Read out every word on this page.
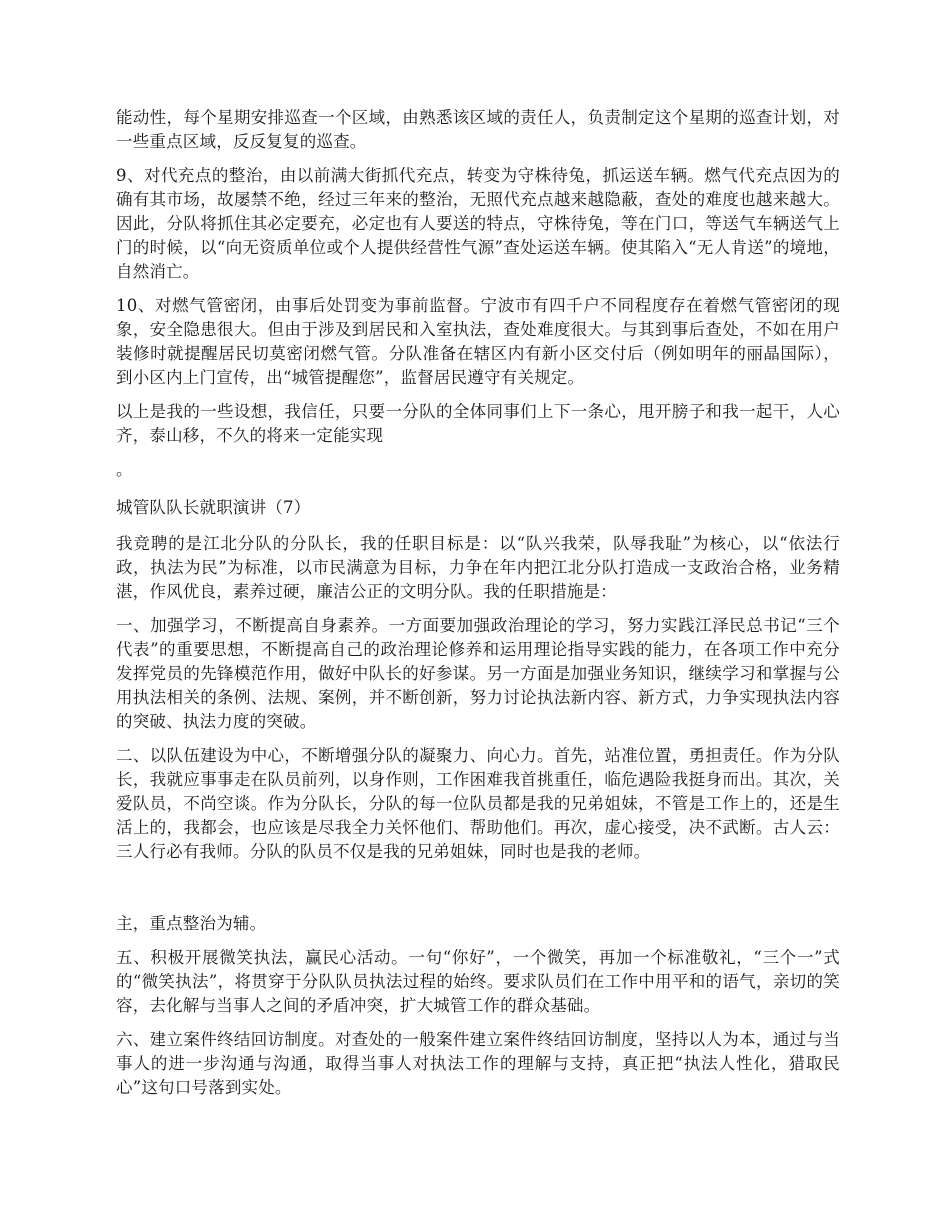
能动性，每个星期安排巡查一个区域，由熟悉该区域的责任人，负责制定这个星期的巡查计划，对一些重点区域，反反复复的巡查。

9、对代充点的整治，由以前满大街抓代充点，转变为守株待兔，抓运送车辆。燃气代充点因为的确有其市场，故屡禁不绝，经过三年来的整治，无照代充点越来越隐蔽，查处的难度也越来越大。因此，分队将抓住其必定要充，必定也有人要送的特点，守株待兔，等在门口，等送气车辆送气上门的时候，以“向无资质单位或个人提供经营性气源”查处运送车辆。使其陷入“无人肯送”的境地，自然消亡。

10、对燃气管密闭，由事后处罚变为事前监督。宁波市有四千户不同程度存在着燃气管密闭的现象，安全隐患很大。但由于涉及到居民和入室执法，查处难度很大。与其到事后查处，不如在用户装修时就提醒居民切莫密闭燃气管。分队准备在辖区内有新小区交付后（例如明年的丽晶国际），到小区内上门宣传，出“城管提醒您”，监督居民遵守有关规定。

以上是我的一些设想，我信任，只要一分队的全体同事们上下一条心，甩开膀子和我一起干，人心齐，泰山移，不久的将来一定能实现

。

城管队队长就职演讲（7）

我竞聘的是江北分队的分队长，我的任职目标是：以“队兴我荣，队辱我耻”为核心，以“依法行政，执法为民”为标准，以市民满意为目标，力争在年内把江北分队打造成一支政治合格，业务精湛，作风优良，素养过硬，廉洁公正的文明分队。我的任职措施是：

一、加强学习，不断提高自身素养。一方面要加强政治理论的学习，努力实践江泽民总书记“三个代表”的重要思想，不断提高自己的政治理论修养和运用理论指导实践的能力，在各项工作中充分发挥党员的先锋模范作用，做好中队长的好参谋。另一方面是加强业务知识，继续学习和掌握与公用执法相关的条例、法规、案例，并不断创新，努力讨论执法新内容、新方式，力争实现执法内容的突破、执法力度的突破。

二、以队伍建设为中心，不断增强分队的凝聚力、向心力。首先，站准位置，勇担责任。作为分队长，我就应事事走在队员前列，以身作则，工作困难我首挑重任，临危遇险我挺身而出。其次，关爱队员，不尚空谈。作为分队长，分队的每一位队员都是我的兄弟姐妹，不管是工作上的，还是生活上的，我都会，也应该是尽我全力关怀他们、帮助他们。再次，虚心接受，决不武断。古人云：三人行必有我师。分队的队员不仅是我的兄弟姐妹，同时也是我的老师。

主，重点整治为辅。

五、积极开展微笑执法，赢民心活动。一句“你好”，一个微笑，再加一个标准敬礼，“三个一”式的“微笑执法”，将贯穿于分队队员执法过程的始终。要求队员们在工作中用平和的语气，亲切的笑容，去化解与当事人之间的矛盾冲突，扩大城管工作的群众基础。

六、建立案件终结回访制度。对查处的一般案件建立案件终结回访制度，坚持以人为本，通过与当事人的进一步沟通与沟通，取得当事人对执法工作的理解与支持，真正把“执法人性化，猎取民心”这句口号落到实处。
